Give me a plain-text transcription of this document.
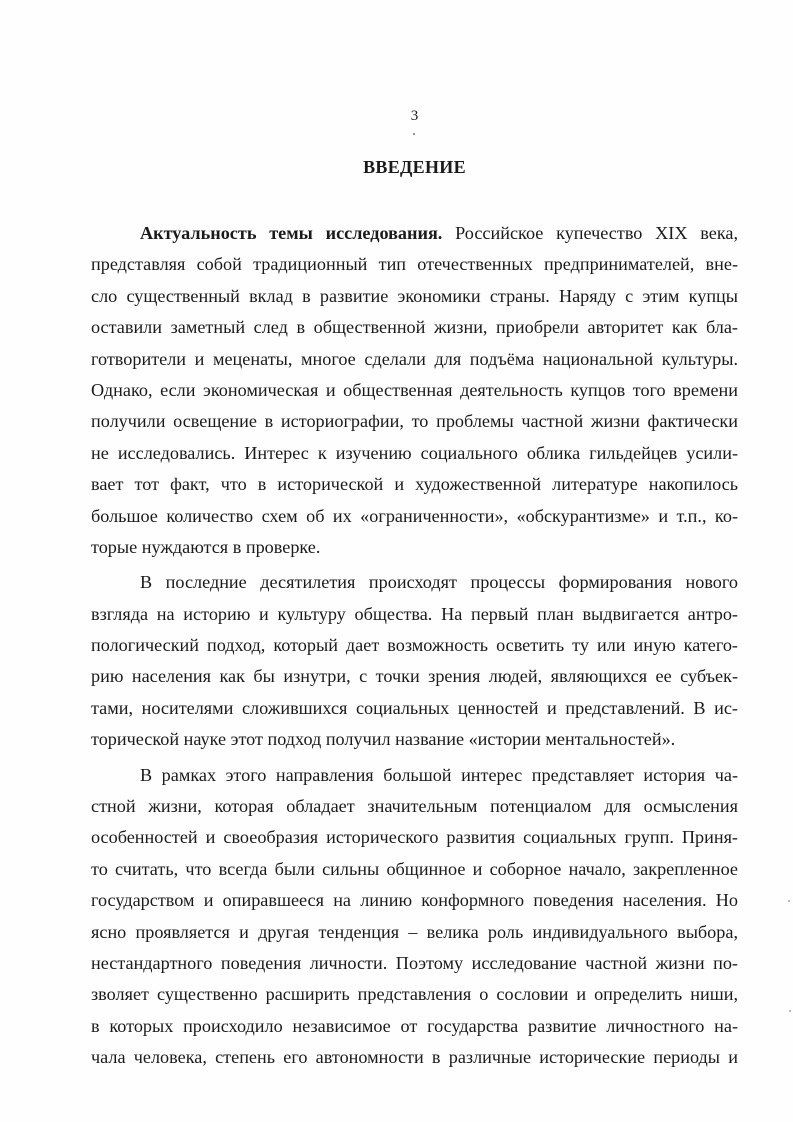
3
ВВЕДЕНИЕ
Актуальность темы исследования. Российское купечество XIX века,
представляя собой традиционный тип отечественных предпринимателей, вне-
сло существенный вклад в развитие экономики страны. Наряду с этим купцы
оставили заметный след в общественной жизни, приобрели авторитет как бла-
готворители и меценаты, многое сделали для подъёма национальной культуры.
Однако, если экономическая и общественная деятельность купцов того времени
получили освещение в историографии, то проблемы частной жизни фактически
не исследовались. Интерес к изучению социального облика гильдейцев усили-
вает тот факт, что в исторической и художественной литературе накопилось
большое количество схем об их «ограниченности», «обскурантизме» и т.п., ко-
торые нуждаются в проверке.
В последние десятилетия происходят процессы формирования нового
взгляда на историю и культуру общества. На первый план выдвигается антро-
пологический подход, который дает возможность осветить ту или иную катего-
рию населения как бы изнутри, с точки зрения людей, являющихся ее субъек-
тами, носителями сложившихся социальных ценностей и представлений. В ис-
торической науке этот подход получил название «истории ментальностей».
В рамках этого направления большой интерес представляет история ча-
стной жизни, которая обладает значительным потенциалом для осмысления
особенностей и своеобразия исторического развития социальных групп. Приня-
то считать, что всегда были сильны общинное и соборное начало, закрепленное
государством и опиравшееся на линию конформного поведения населения. Но
ясно проявляется и другая тенденция – велика роль индивидуального выбора,
нестандартного поведения личности. Поэтому исследование частной жизни по-
зволяет существенно расширить представления о сословии и определить ниши,
в которых происходило независимое от государства развитие личностного на-
чала человека, степень его автономности в различные исторические периоды и
